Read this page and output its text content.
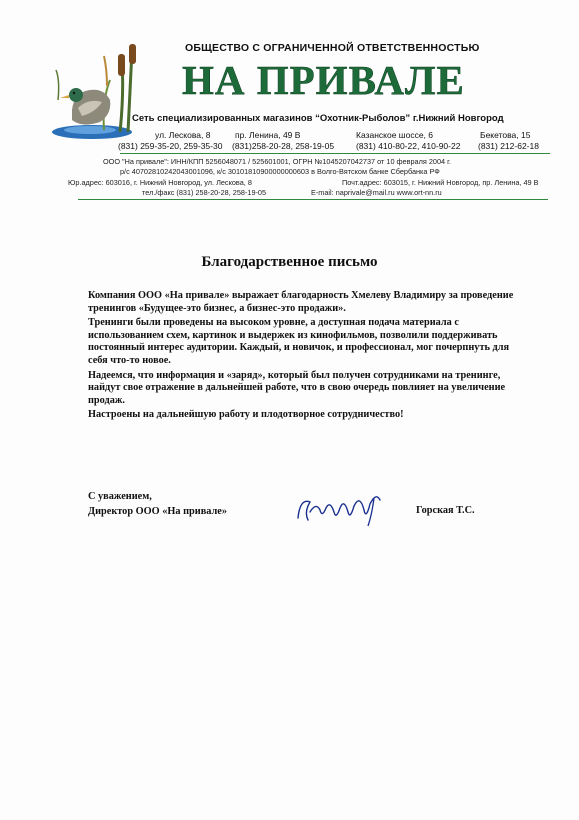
ОБЩЕСТВО С ОГРАНИЧЕННОЙ ОТВЕТСТВЕННОСТЬЮ
НА ПРИВАЛЕ
Сеть специализированных магазинов “Охотник-Рыболов” г.Нижний Новгород
ул. Лескова, 8	пр. Ленина, 49 В	Казанское шоссе, 6	Бекетова, 15
(831) 259-35-20, 259-35-30 (831)258-20-28, 258-19-05	(831) 410-80-22, 410-90-22 (831) 212-62-18
ООО "На привале": ИНН/КПП 5256048071 / 525601001, ОГРН №1045207042737 от 10 февраля 2004 г.
р/с 40702810242043001096, к/с 30101810900000000603 в Волго-Вятском банке Сбербанка РФ
Юр.адрес: 603016, г. Нижний Новгород, ул. Лескова, 8	Почт.адрес: 603015, г. Нижний Новгород, пр. Ленина, 49 В
тел./факс (831) 258-20-28, 258-19-05	E-mail: naprivale@mail.ru www.ort-nn.ru
Благодарственное письмо

Компания ООО «На привале» выражает благодарность Хмелеву Владимиру за проведение тренингов «Будущее-это бизнес, а бизнес-это продажи».

Тренинги были проведены на высоком уровне, а доступная подача материала с использованием схем, картинок и выдержек из кинофильмов, позволили поддерживать постоянный интерес аудитории. Каждый, и новичок, и профессионал, мог почерпнуть для себя что-то новое.

Надеемся, что информация и «заряд», который был получен сотрудниками на тренинге, найдут свое отражение в дальнейшей работе, что в свою очередь повлияет на увеличение продаж.

Настроены на дальнейшую работу и плодотворное сотрудничество!

С уважением,
Директор ООО «На привале»	Горская Т.С.
